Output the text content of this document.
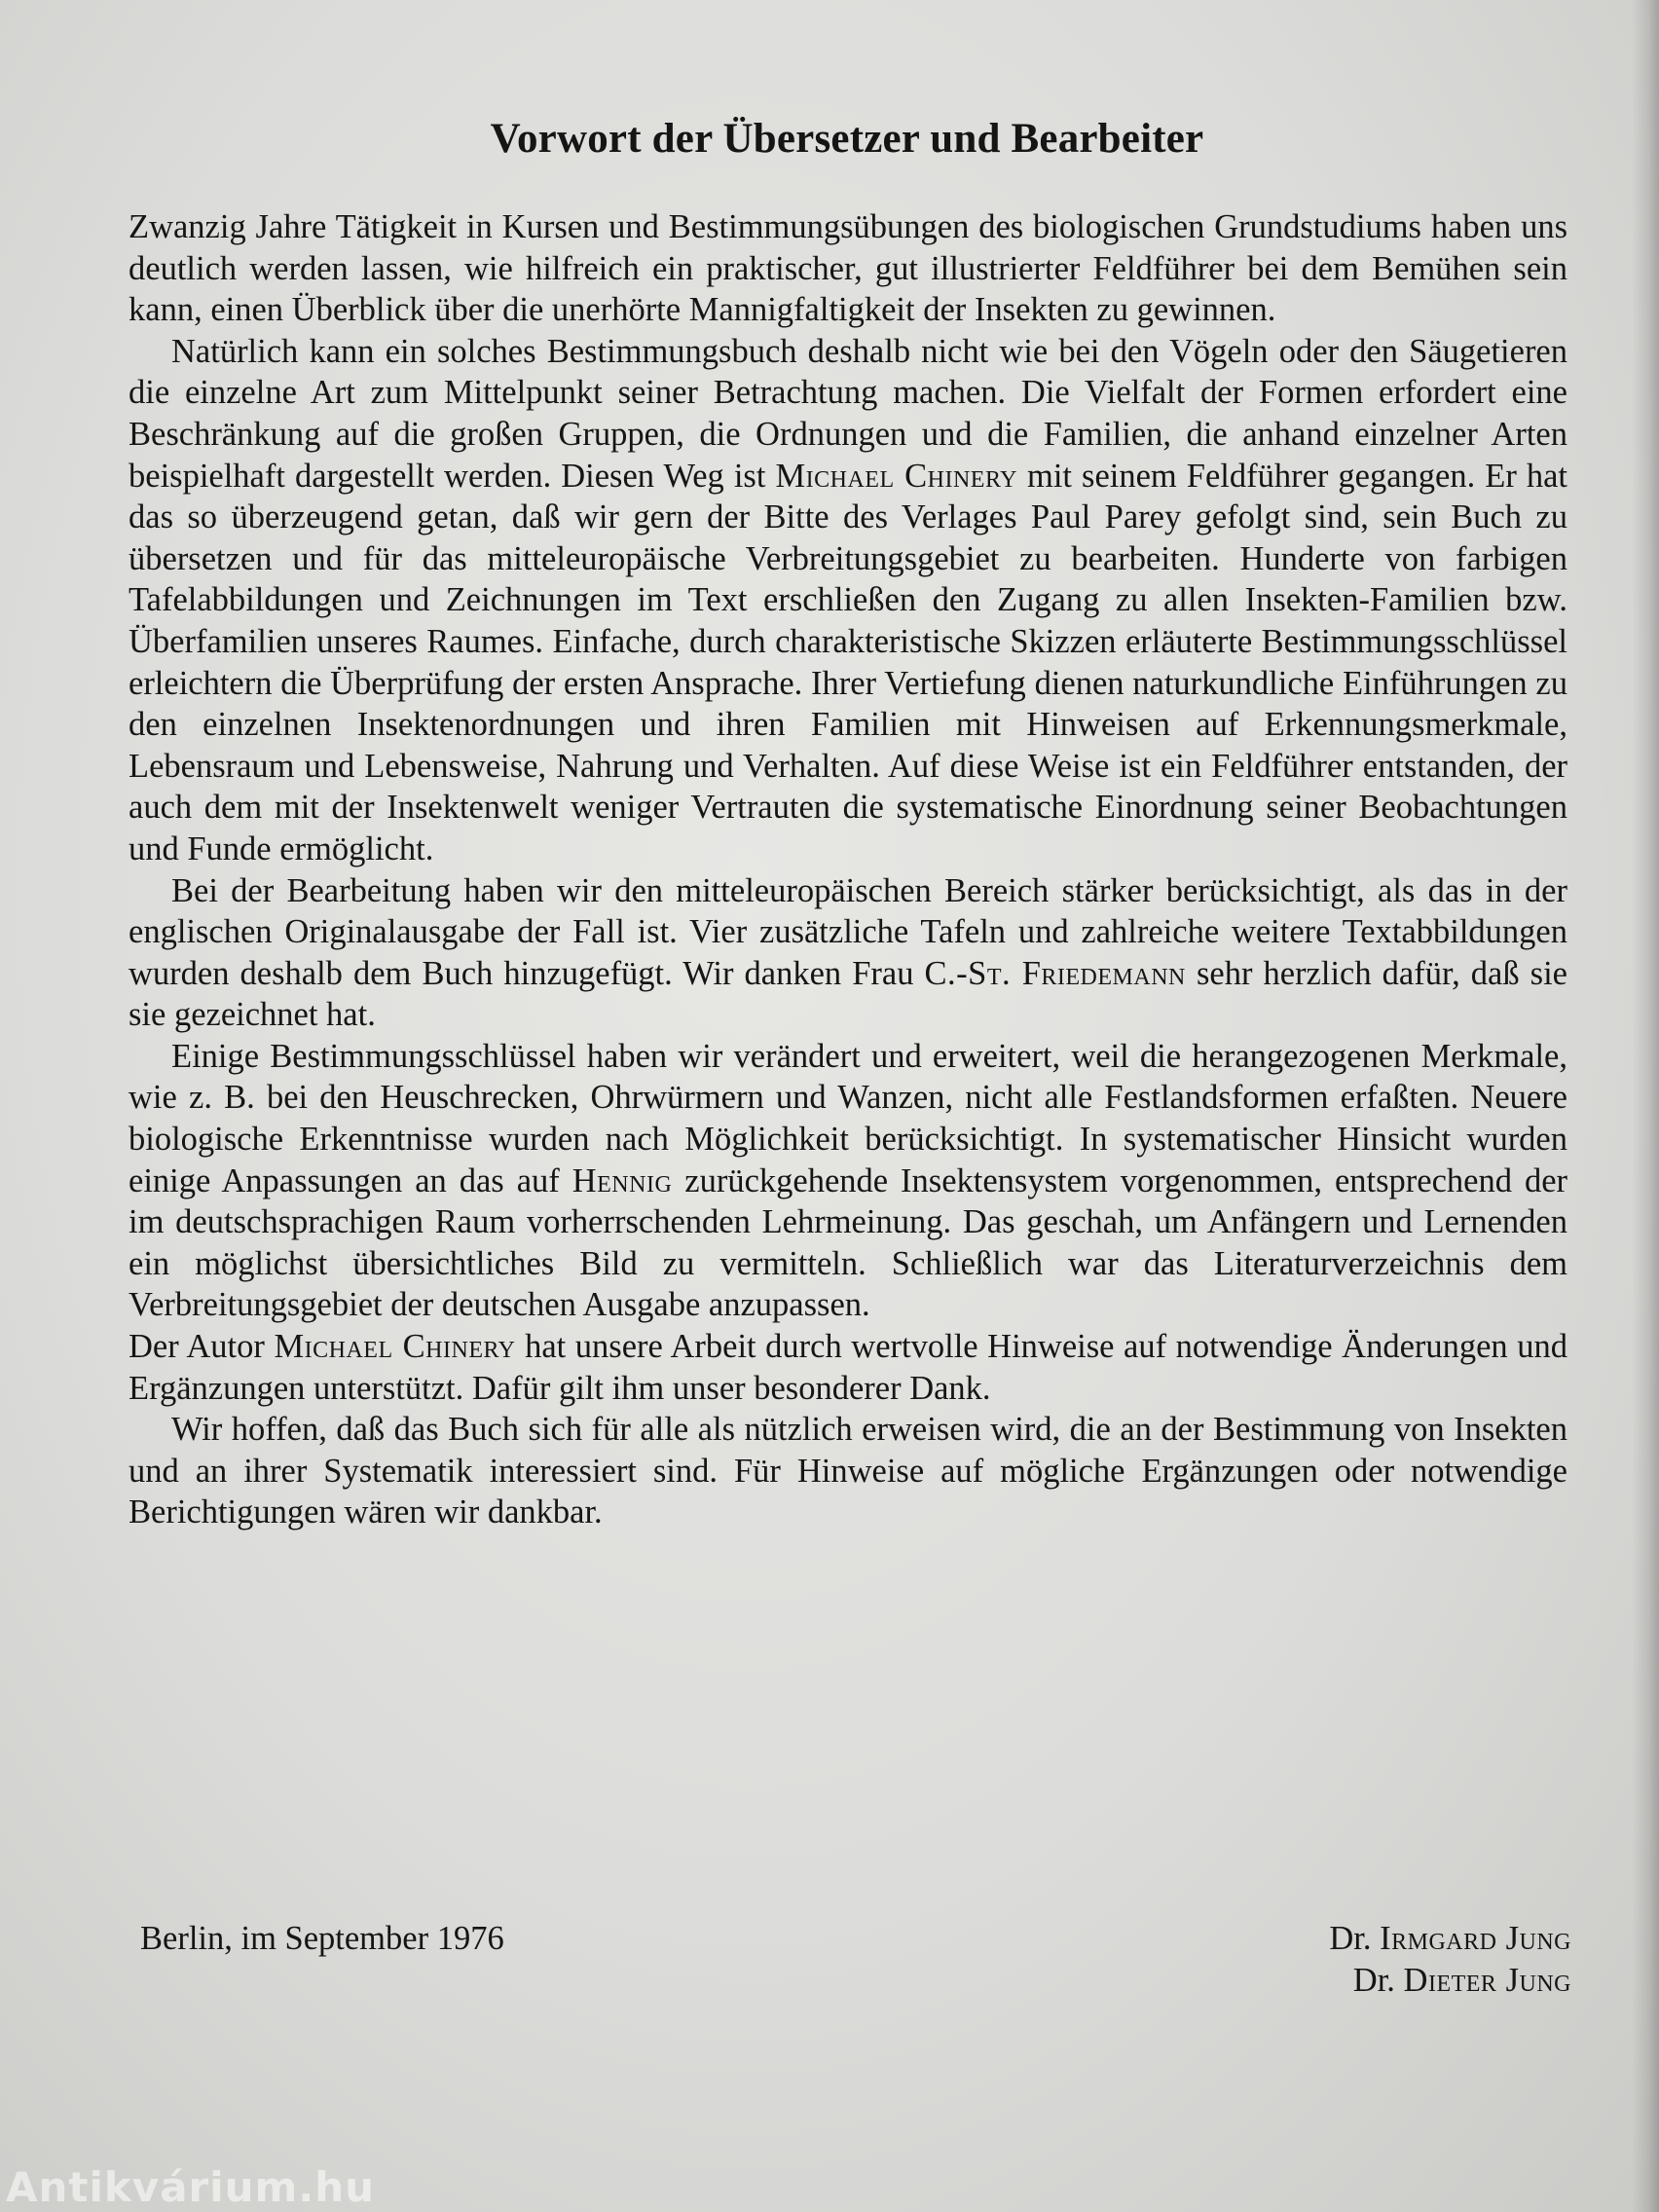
Vorwort der Übersetzer und Bearbeiter

Zwanzig Jahre Tätigkeit in Kursen und Bestimmungsübungen des biologischen Grundstudiums haben uns deutlich werden lassen, wie hilfreich ein praktischer, gut illustrierter Feldführer bei dem Bemühen sein kann, einen Überblick über die unerhörte Mannigfaltigkeit der Insekten zu gewinnen.

Natürlich kann ein solches Bestimmungsbuch deshalb nicht wie bei den Vögeln oder den Säugetieren die einzelne Art zum Mittelpunkt seiner Betrachtung machen. Die Vielfalt der Formen erfordert eine Beschränkung auf die großen Gruppen, die Ordnungen und die Familien, die anhand einzelner Arten beispielhaft dargestellt werden. Diesen Weg ist Michael Chinery mit seinem Feldführer gegangen. Er hat das so überzeugend getan, daß wir gern der Bitte des Verlages Paul Parey gefolgt sind, sein Buch zu übersetzen und für das mitteleuropäische Verbreitungsgebiet zu bearbeiten. Hunderte von farbigen Tafelabbildungen und Zeichnungen im Text erschließen den Zugang zu allen Insekten-Familien bzw. Überfamilien unseres Raumes. Einfache, durch charakteristische Skizzen erläuterte Bestimmungsschlüssel erleichtern die Überprüfung der ersten Ansprache. Ihrer Vertiefung dienen naturkundliche Einführungen zu den einzelnen Insektenordnungen und ihren Familien mit Hinweisen auf Erkennungsmerkmale, Lebensraum und Lebensweise, Nahrung und Verhalten. Auf diese Weise ist ein Feldführer entstanden, der auch dem mit der Insektenwelt weniger Vertrauten die systematische Einordnung seiner Beobachtungen und Funde ermöglicht.

Bei der Bearbeitung haben wir den mitteleuropäischen Bereich stärker berücksichtigt, als das in der englischen Originalausgabe der Fall ist. Vier zusätzliche Tafeln und zahlreiche weitere Textabbildungen wurden deshalb dem Buch hinzugefügt. Wir danken Frau C.-St. Friedemann sehr herzlich dafür, daß sie sie gezeichnet hat.

Einige Bestimmungsschlüssel haben wir verändert und erweitert, weil die herangezogenen Merkmale, wie z. B. bei den Heuschrecken, Ohrwürmern und Wanzen, nicht alle Festlandsformen erfaßten. Neuere biologische Erkenntnisse wurden nach Möglichkeit berücksichtigt. In systematischer Hinsicht wurden einige Anpassungen an das auf Hennig zurückgehende Insektensystem vorgenommen, entsprechend der im deutschsprachigen Raum vorherrschenden Lehrmeinung. Das geschah, um Anfängern und Lernenden ein möglichst übersichtliches Bild zu vermitteln. Schließlich war das Literaturverzeichnis dem Verbreitungsgebiet der deutschen Ausgabe anzupassen.

Der Autor Michael Chinery hat unsere Arbeit durch wertvolle Hinweise auf notwendige Änderungen und Ergänzungen unterstützt. Dafür gilt ihm unser besonderer Dank.

Wir hoffen, daß das Buch sich für alle als nützlich erweisen wird, die an der Bestimmung von Insekten und an ihrer Systematik interessiert sind. Für Hinweise auf mögliche Ergänzungen oder notwendige Berichtigungen wären wir dankbar.

Berlin, im September 1976	Dr. Irmgard Jung
Dr. Dieter Jung
Antikvárium.hu
